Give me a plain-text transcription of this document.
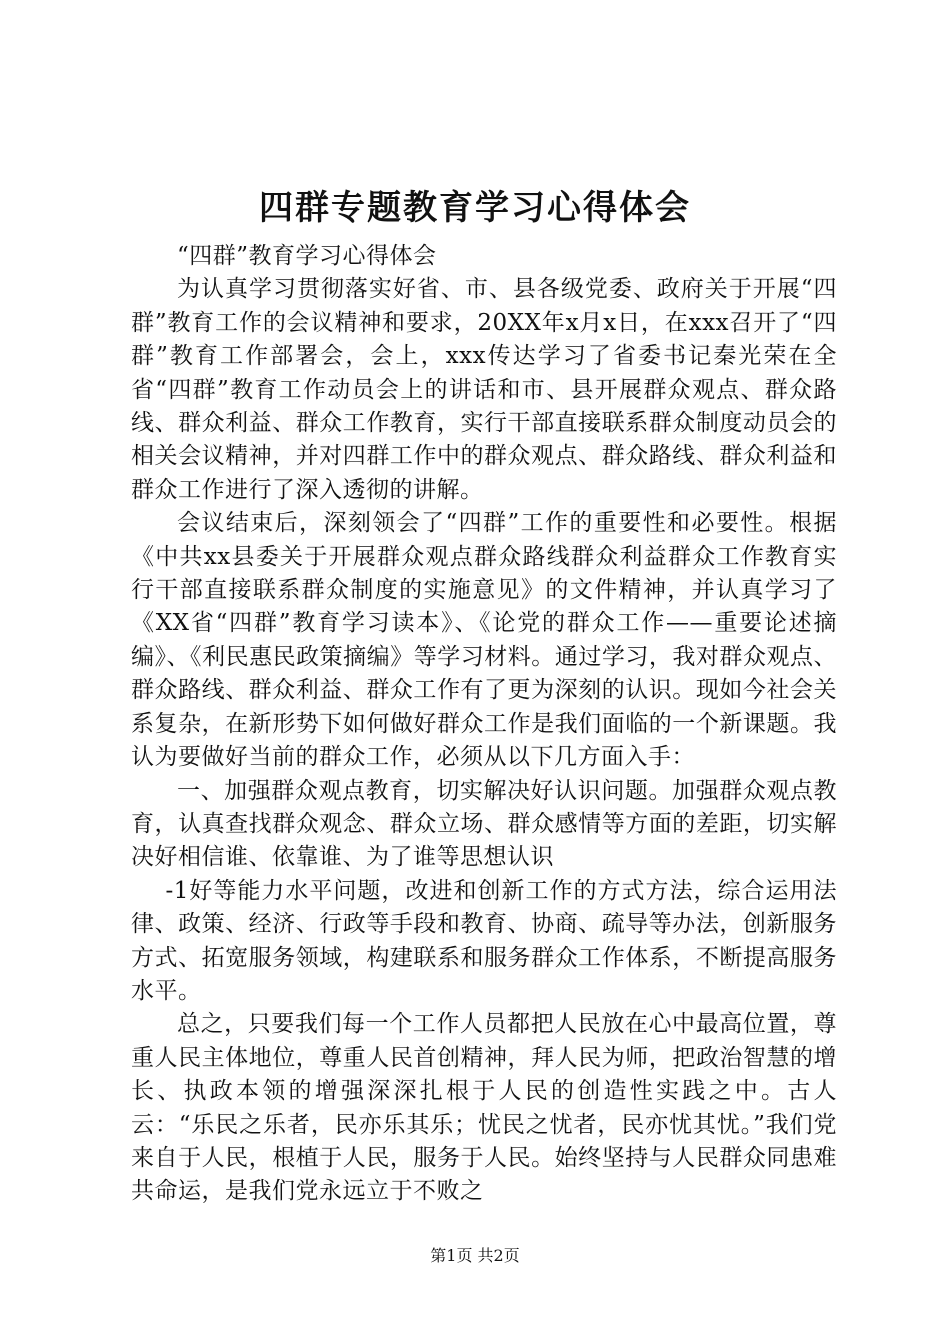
四群专题教育学习心得体会

“四群”教育学习心得体会

为认真学习贯彻落实好省、市、县各级党委、政府关于开展“四群”教育工作的会议精神和要求，20XX年x月x日，在xxx召开了“四群”教育工作部署会，会上，xxx传达学习了省委书记秦光荣在全省“四群”教育工作动员会上的讲话和市、县开展群众观点、群众路线、群众利益、群众工作教育，实行干部直接联系群众制度动员会的相关会议精神，并对四群工作中的群众观点、群众路线、群众利益和群众工作进行了深入透彻的讲解。

会议结束后，深刻领会了“四群”工作的重要性和必要性。根据《中共xx县委关于开展群众观点群众路线群众利益群众工作教育实行干部直接联系群众制度的实施意见》的文件精神，并认真学习了《XX省“四群”教育学习读本》、《论党的群众工作——重要论述摘编》、《利民惠民政策摘编》等学习材料。通过学习，我对群众观点、群众路线、群众利益、群众工作有了更为深刻的认识。现如今社会关系复杂，在新形势下如何做好群众工作是我们面临的一个新课题。我认为要做好当前的群众工作，必须从以下几方面入手：

一、加强群众观点教育，切实解决好认识问题。加强群众观点教育，认真查找群众观念、群众立场、群众感情等方面的差距，切实解决好相信谁、依靠谁、为了谁等思想认识

-1好等能力水平问题，改进和创新工作的方式方法，综合运用法律、政策、经济、行政等手段和教育、协商、疏导等办法，创新服务方式、拓宽服务领域，构建联系和服务群众工作体系，不断提高服务水平。

总之，只要我们每一个工作人员都把人民放在心中最高位置，尊重人民主体地位，尊重人民首创精神，拜人民为师，把政治智慧的增长、执政本领的增强深深扎根于人民的创造性实践之中。古人云：“乐民之乐者，民亦乐其乐；忧民之忧者，民亦忧其忧。”我们党来自于人民，根植于人民，服务于人民。始终坚持与人民群众同患难共命运，是我们党永远立于不败之

第1页 共2页
